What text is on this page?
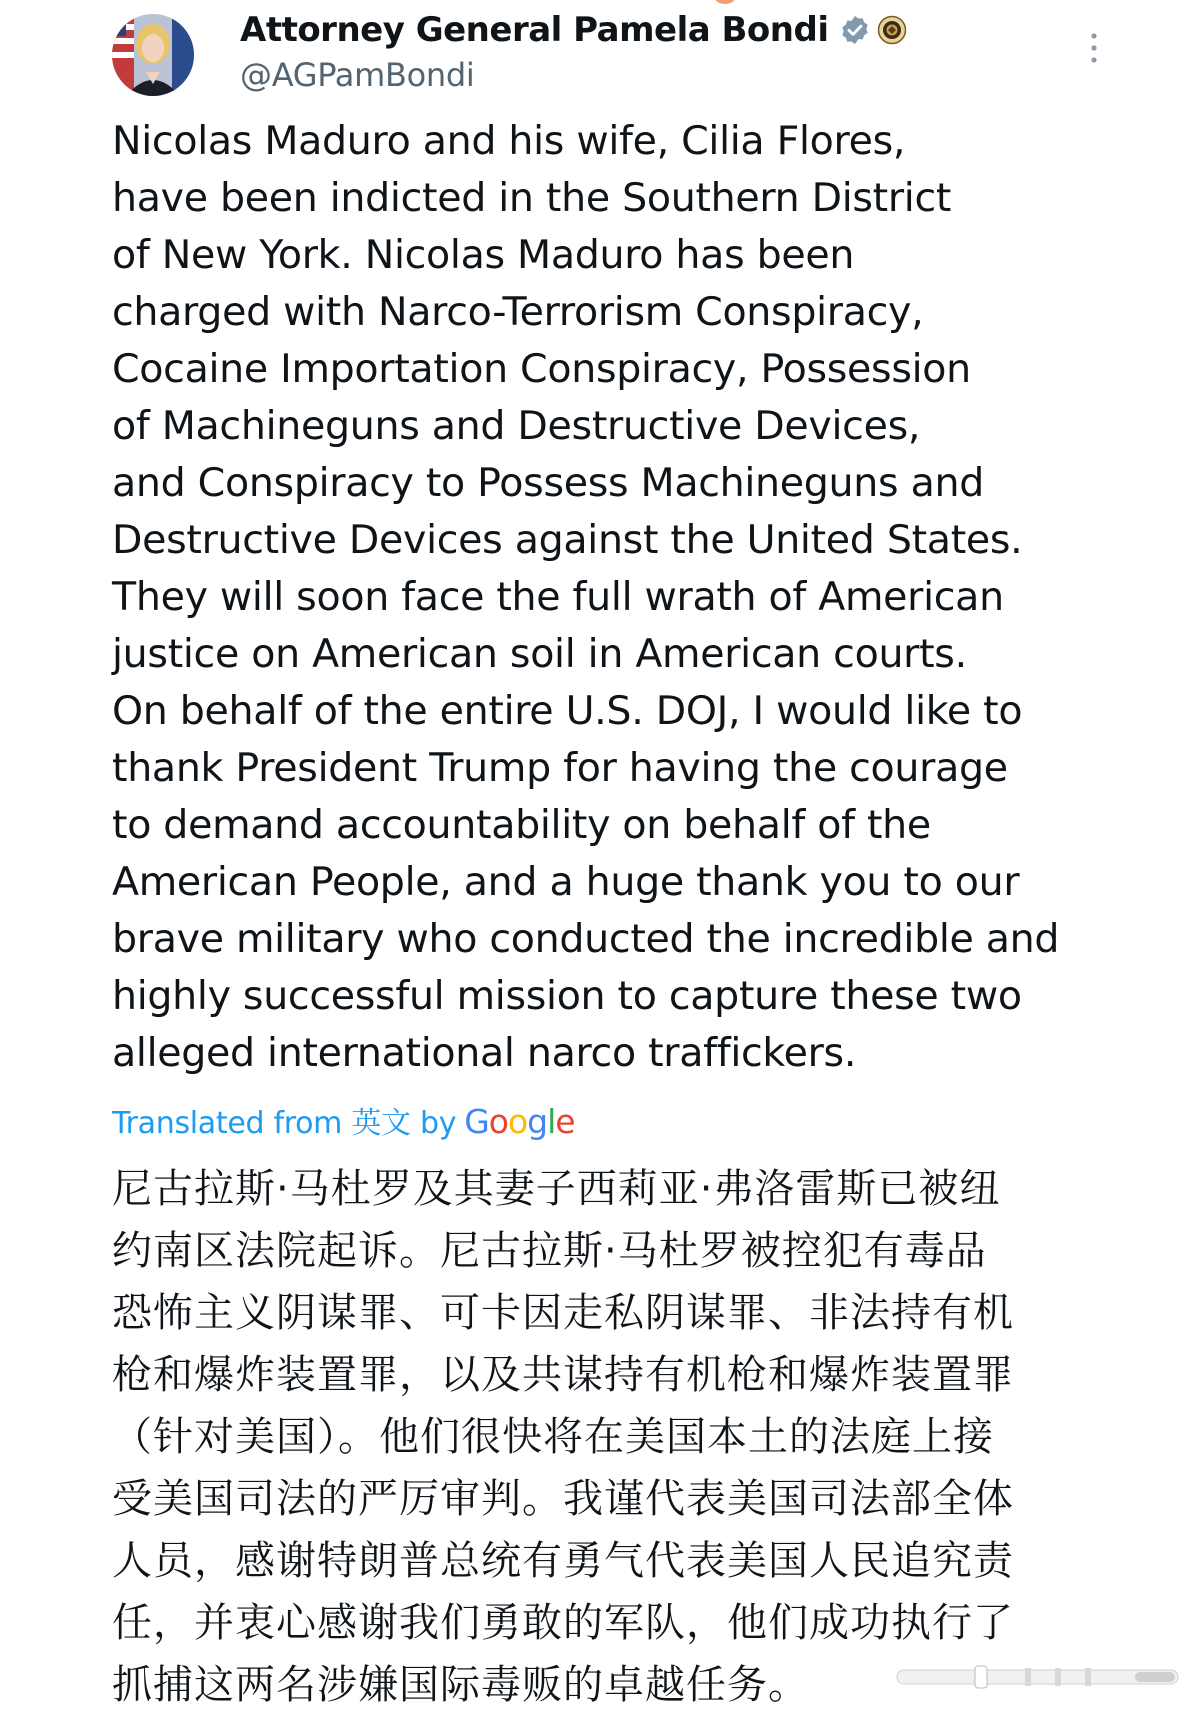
Attorney General Pamela Bondi
@AGPamBondi
Nicolas Maduro and his wife, Cilia Flores,
have been indicted in the Southern District
of New York. Nicolas Maduro has been
charged with Narco-Terrorism Conspiracy,
Cocaine Importation Conspiracy, Possession
of Machineguns and Destructive Devices,
and Conspiracy to Possess Machineguns and
Destructive Devices against the United States.
They will soon face the full wrath of American
justice on American soil in American courts.
On behalf of the entire U.S. DOJ, I would like to
thank President Trump for having the courage
to demand accountability on behalf of the
American People, and a huge thank you to our
brave military who conducted the incredible and
highly successful mission to capture these two
alleged international narco traffickers.
Translated from 英文 by Google
尼古拉斯·马杜罗及其妻子西莉亚·弗洛雷斯已被纽
约南区法院起诉。尼古拉斯·马杜罗被控犯有毒品
恐怖主义阴谋罪、可卡因走私阴谋罪、非法持有机
枪和爆炸装置罪，以及共谋持有机枪和爆炸装置罪
（针对美国）。他们很快将在美国本土的法庭上接
受美国司法的严厉审判。我谨代表美国司法部全体
人员，感谢特朗普总统有勇气代表美国人民追究责
任，并衷心感谢我们勇敢的军队，他们成功执行了
抓捕这两名涉嫌国际毒贩的卓越任务。
